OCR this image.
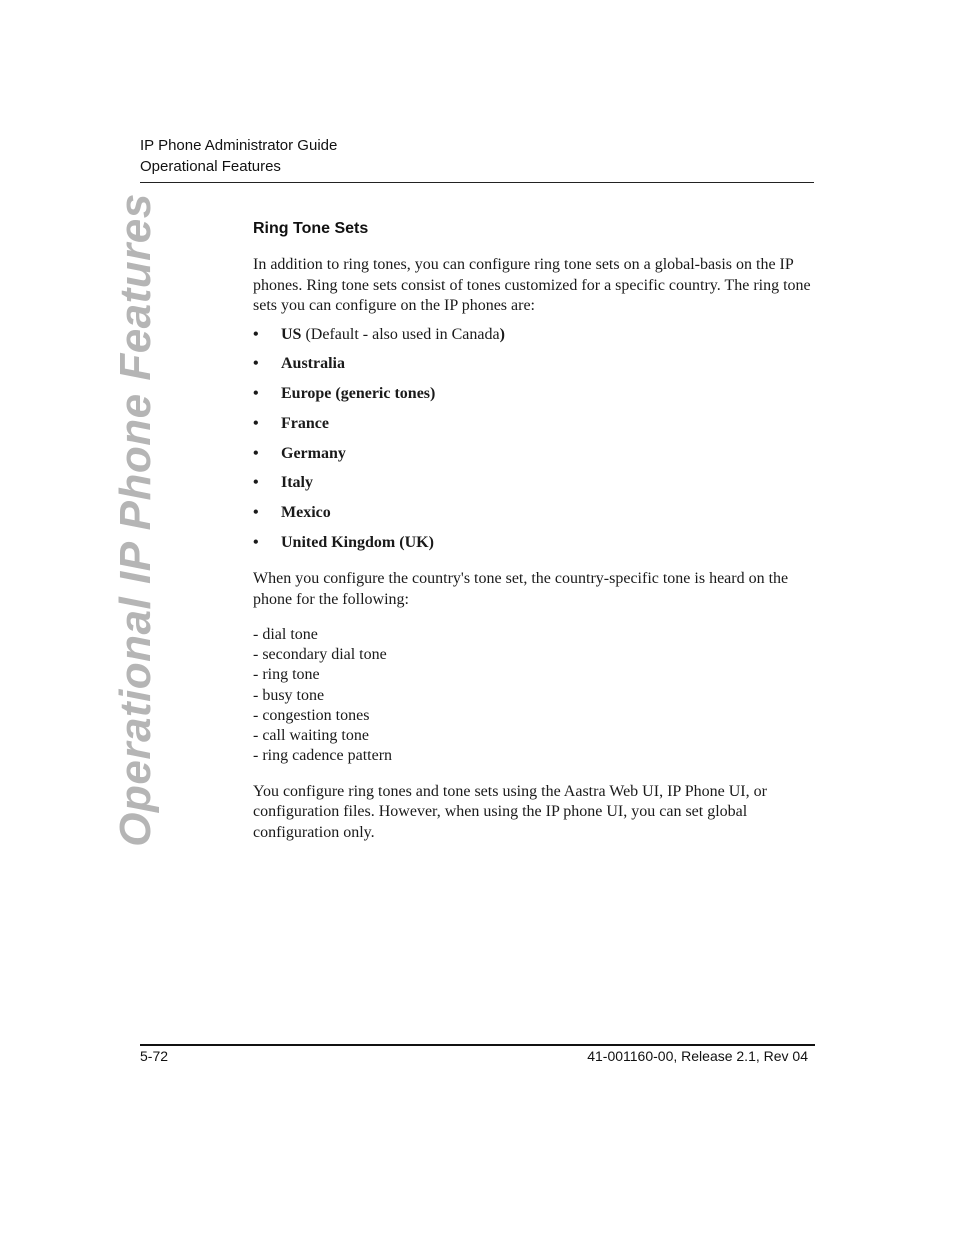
IP Phone Administrator Guide
Operational Features
Operational IP Phone Features	Ring Tone Sets

In addition to ring tones, you can configure ring tone sets on a global-basis on the IP phones. Ring tone sets consist of tones customized for a specific country. The ring tone sets you can configure on the IP phones are:

• US (Default - also used in Canada)
• Australia
• Europe (generic tones)
• France
• Germany
• Italy
• Mexico
• United Kingdom (UK)

When you configure the country's tone set, the country-specific tone is heard on the phone for the following:

- dial tone
- secondary dial tone
- ring tone
- busy tone
- congestion tones
- call waiting tone
- ring cadence pattern

You configure ring tones and tone sets using the Aastra Web UI, IP Phone UI, or configuration files. However, when using the IP phone UI, you can set global configuration only.

5-72	41-001160-00, Release 2.1, Rev 04
